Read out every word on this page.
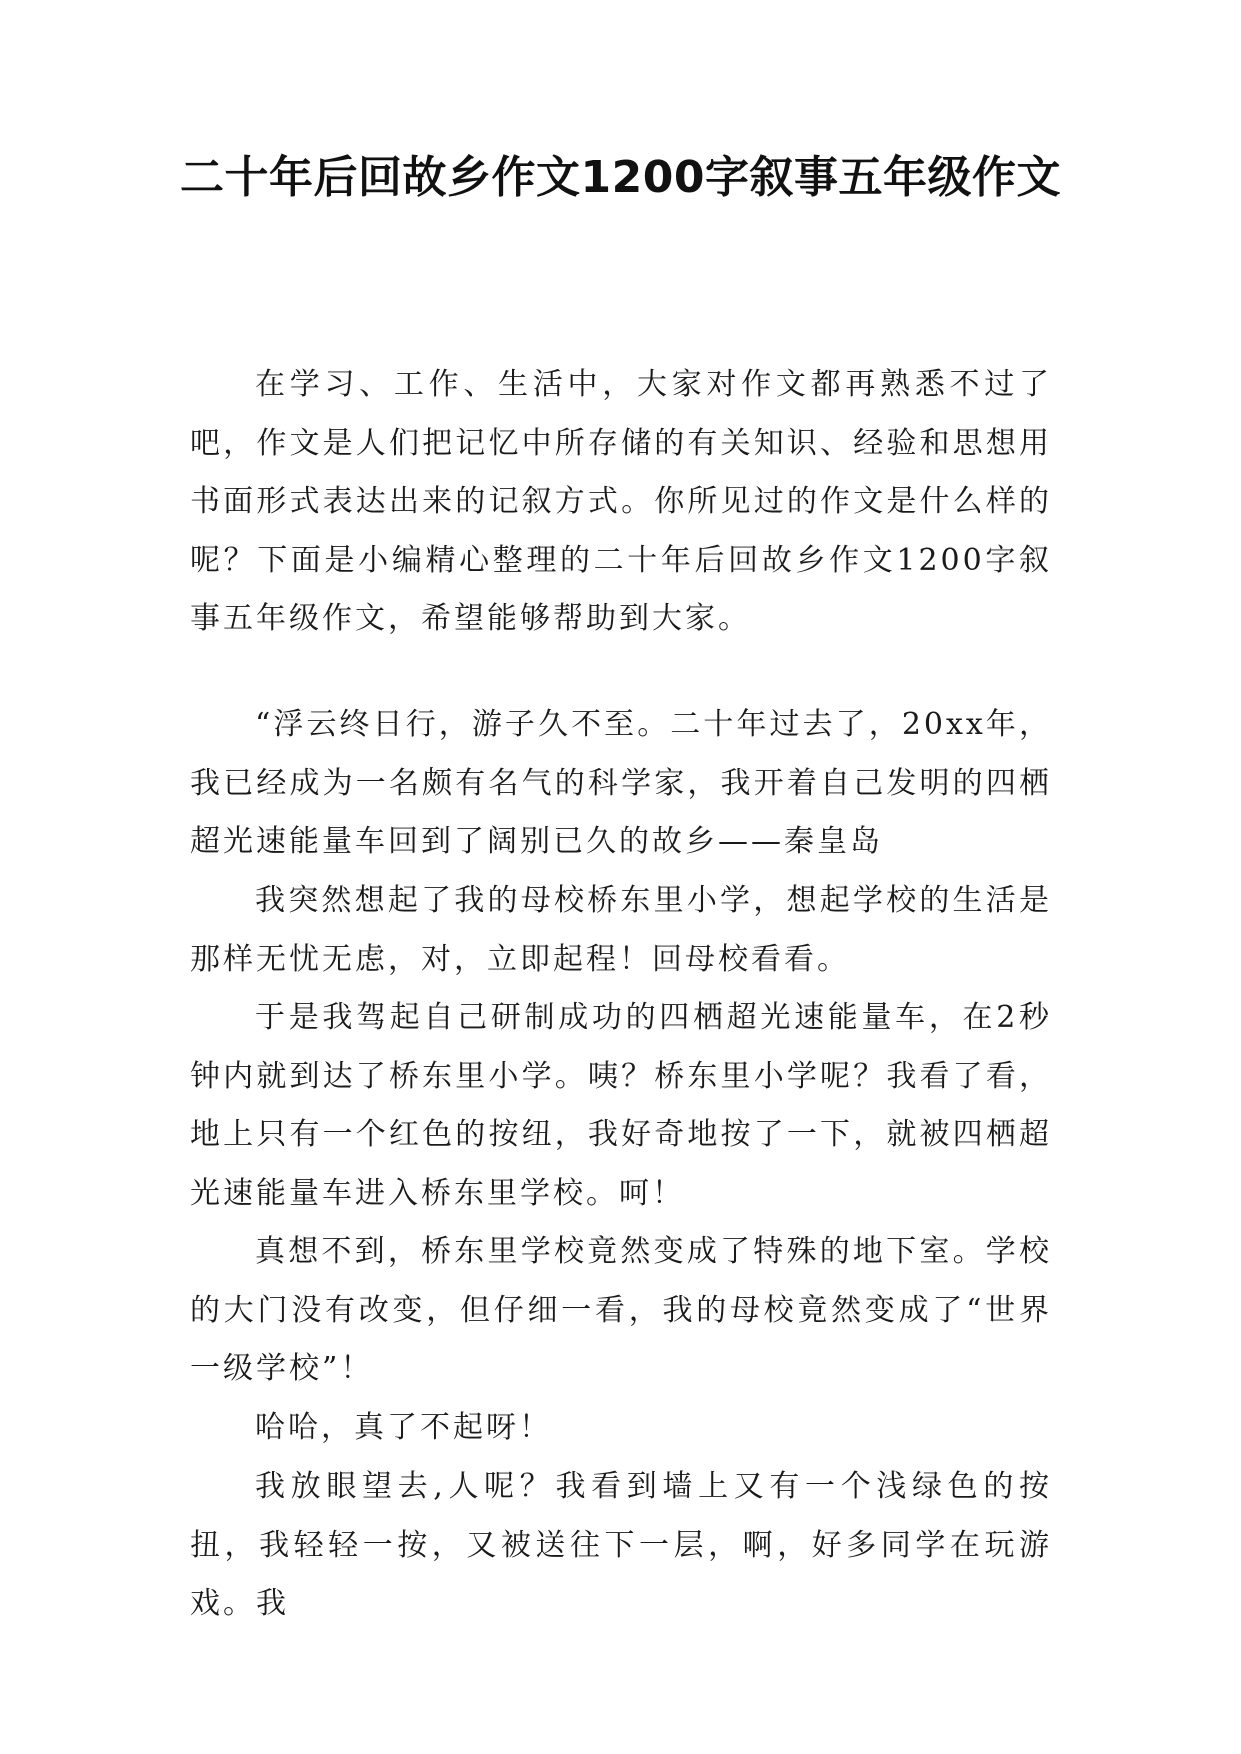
二十年后回故乡作文1200字叙事五年级作文

在学习、工作、生活中，大家对作文都再熟悉不过了吧，作文是人们把记忆中所存储的有关知识、经验和思想用书面形式表达出来的记叙方式。你所见过的作文是什么样的呢？下面是小编精心整理的二十年后回故乡作文1200字叙事五年级作文，希望能够帮助到大家。

“浮云终日行，游子久不至。二十年过去了，20xx年，我已经成为一名颇有名气的科学家，我开着自己发明的四栖超光速能量车回到了阔别已久的故乡——秦皇岛

我突然想起了我的母校桥东里小学，想起学校的生活是那样无忧无虑，对，立即起程！回母校看看。

于是我驾起自己研制成功的四栖超光速能量车，在2秒钟内就到达了桥东里小学。咦？桥东里小学呢？我看了看，地上只有一个红色的按纽，我好奇地按了一下，就被四栖超光速能量车进入桥东里学校。呵！

真想不到，桥东里学校竟然变成了特殊的地下室。学校的大门没有改变，但仔细一看，我的母校竟然变成了“世界一级学校”！

哈哈，真了不起呀！

我放眼望去,人呢？我看到墙上又有一个浅绿色的按扭，我轻轻一按，又被送往下一层，啊，好多同学在玩游戏。我
